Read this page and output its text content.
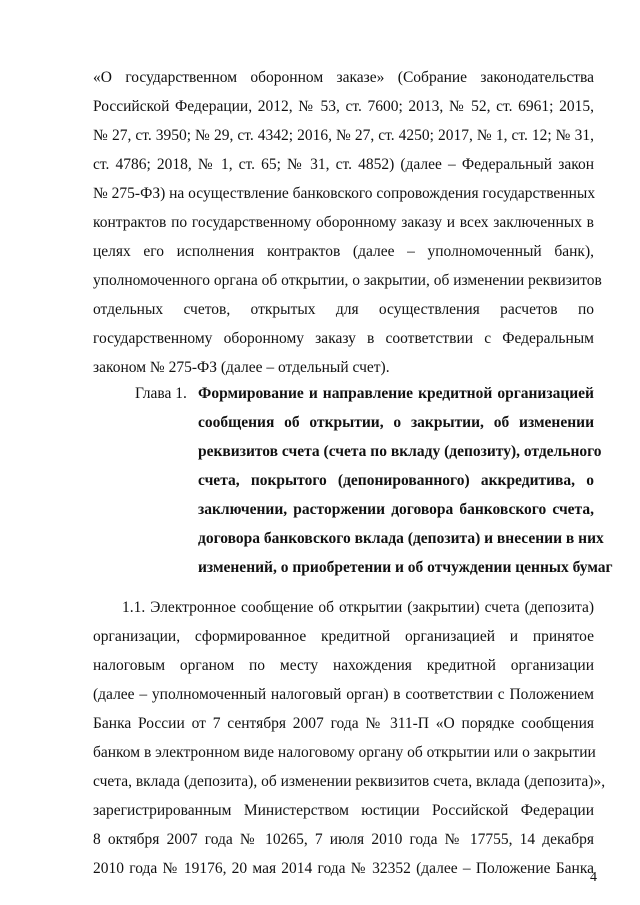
«О государственном оборонном заказе» (Собрание законодательства
Российской Федерации, 2012, № 53, ст. 7600; 2013, № 52, ст. 6961; 2015,
№ 27, ст. 3950; № 29, ст. 4342; 2016, № 27, ст. 4250; 2017, № 1, ст. 12; № 31,
ст. 4786; 2018, № 1, ст. 65; № 31, ст. 4852) (далее – Федеральный закон
№ 275-ФЗ) на осуществление банковского сопровождения государственных
контрактов по государственному оборонному заказу и всех заключенных в
целях его исполнения контрактов (далее – уполномоченный банк),
уполномоченного органа об открытии, о закрытии, об изменении реквизитов
отдельных счетов, открытых для осуществления расчетов по
государственному оборонному заказу в соответствии с Федеральным
законом № 275-ФЗ (далее – отдельный счет).
Глава 1. Формирование и направление кредитной организацией
сообщения об открытии, о закрытии, об изменении
реквизитов счета (счета по вкладу (депозиту), отдельного
счета, покрытого (депонированного) аккредитива, о
заключении, расторжении договора банковского счета,
договора банковского вклада (депозита) и внесении в них
изменений, о приобретении и об отчуждении ценных бумаг
1.1. Электронное сообщение об открытии (закрытии) счета (депозита)
организации, сформированное кредитной организацией и принятое
налоговым органом по месту нахождения кредитной организации
(далее – уполномоченный налоговый орган) в соответствии с Положением
Банка России от 7 сентября 2007 года № 311-П «О порядке сообщения
банком в электронном виде налоговому органу об открытии или о закрытии
счета, вклада (депозита), об изменении реквизитов счета, вклада (депозита)»,
зарегистрированным Министерством юстиции Российской Федерации
8 октября 2007 года № 10265, 7 июля 2010 года № 17755, 14 декабря
2010 года № 19176, 20 мая 2014 года № 32352 (далее – Положение Банка
4
